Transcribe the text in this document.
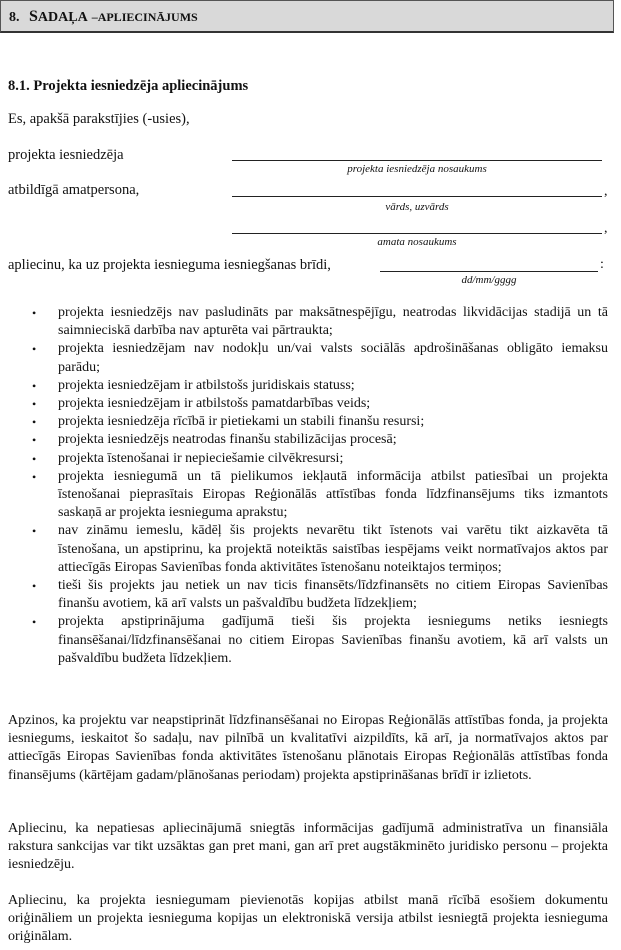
8. SADAĻA –APLIECINĀJUMS
8.1. Projekta iesniedzēja apliecinājums
Es, apakšā parakstījies (-usies),
projekta iesniedzēja
projekta iesniedzēja nosaukums
atbildīgā amatpersona,	,
vārds, uzvārds
,
amata nosaukums
apliecinu, ka uz projekta iesnieguma iesniegšanas brīdi,	:
dd/mm/gggg
• projekta iesniedzējs nav pasludināts par maksātnespējīgu, neatrodas likvidācijas stadijā un tā saimnieciskā darbība nav apturēta vai pārtraukta;
• projekta iesniedzējam nav nodokļu un/vai valsts sociālās apdrošināšanas obligāto iemaksu parādu;
• projekta iesniedzējam ir atbilstošs juridiskais statuss;
• projekta iesniedzējam ir atbilstošs pamatdarbības veids;
• projekta iesniedzēja rīcībā ir pietiekami un stabili finanšu resursi;
• projekta iesniedzējs neatrodas finanšu stabilizācijas procesā;
• projekta īstenošanai ir nepieciešamie cilvēkresursi;
• projekta iesniegumā un tā pielikumos iekļautā informācija atbilst patiesībai un projekta īstenošanai pieprasītais Eiropas Reģionālās attīstības fonda līdzfinansējums tiks izmantots saskaņā ar projekta iesnieguma aprakstu;
• nav zināmu iemeslu, kādēļ šis projekts nevarētu tikt īstenots vai varētu tikt aizkavēta tā īstenošana, un apstiprinu, ka projektā noteiktās saistības iespējams veikt normatīvajos aktos par attiecīgās Eiropas Savienības fonda aktivitātes īstenošanu noteiktajos termiņos;
• tieši šis projekts jau netiek un nav ticis finansēts/līdzfinansēts no citiem Eiropas Savienības finanšu avotiem, kā arī valsts un pašvaldību budžeta līdzekļiem;
• projekta apstiprinājuma gadījumā tieši šis projekta iesniegums netiks iesniegts finansēšanai/līdzfinansēšanai no citiem Eiropas Savienības finanšu avotiem, kā arī valsts un pašvaldību budžeta līdzekļiem.

Apzinos, ka projektu var neapstiprināt līdzfinansēšanai no Eiropas Reģionālās attīstības fonda, ja projekta iesniegums, ieskaitot šo sadaļu, nav pilnībā un kvalitatīvi aizpildīts, kā arī, ja normatīvajos aktos par attiecīgās Eiropas Savienības fonda aktivitātes īstenošanu plānotais Eiropas Reģionālās attīstības fonda finansējums (kārtējam gadam/plānošanas periodam) projekta apstiprināšanas brīdī ir izlietots.

Apliecinu, ka nepatiesas apliecinājumā sniegtās informācijas gadījumā administratīva un finansiāla rakstura sankcijas var tikt uzsāktas gan pret mani, gan arī pret augstākminēto juridisko personu – projekta iesniedzēju.

Apliecinu, ka projekta iesniegumam pievienotās kopijas atbilst manā rīcībā esošiem dokumentu oriģināliem un projekta iesnieguma kopijas un elektroniskā versija atbilst iesniegtā projekta iesnieguma oriģinālam.
